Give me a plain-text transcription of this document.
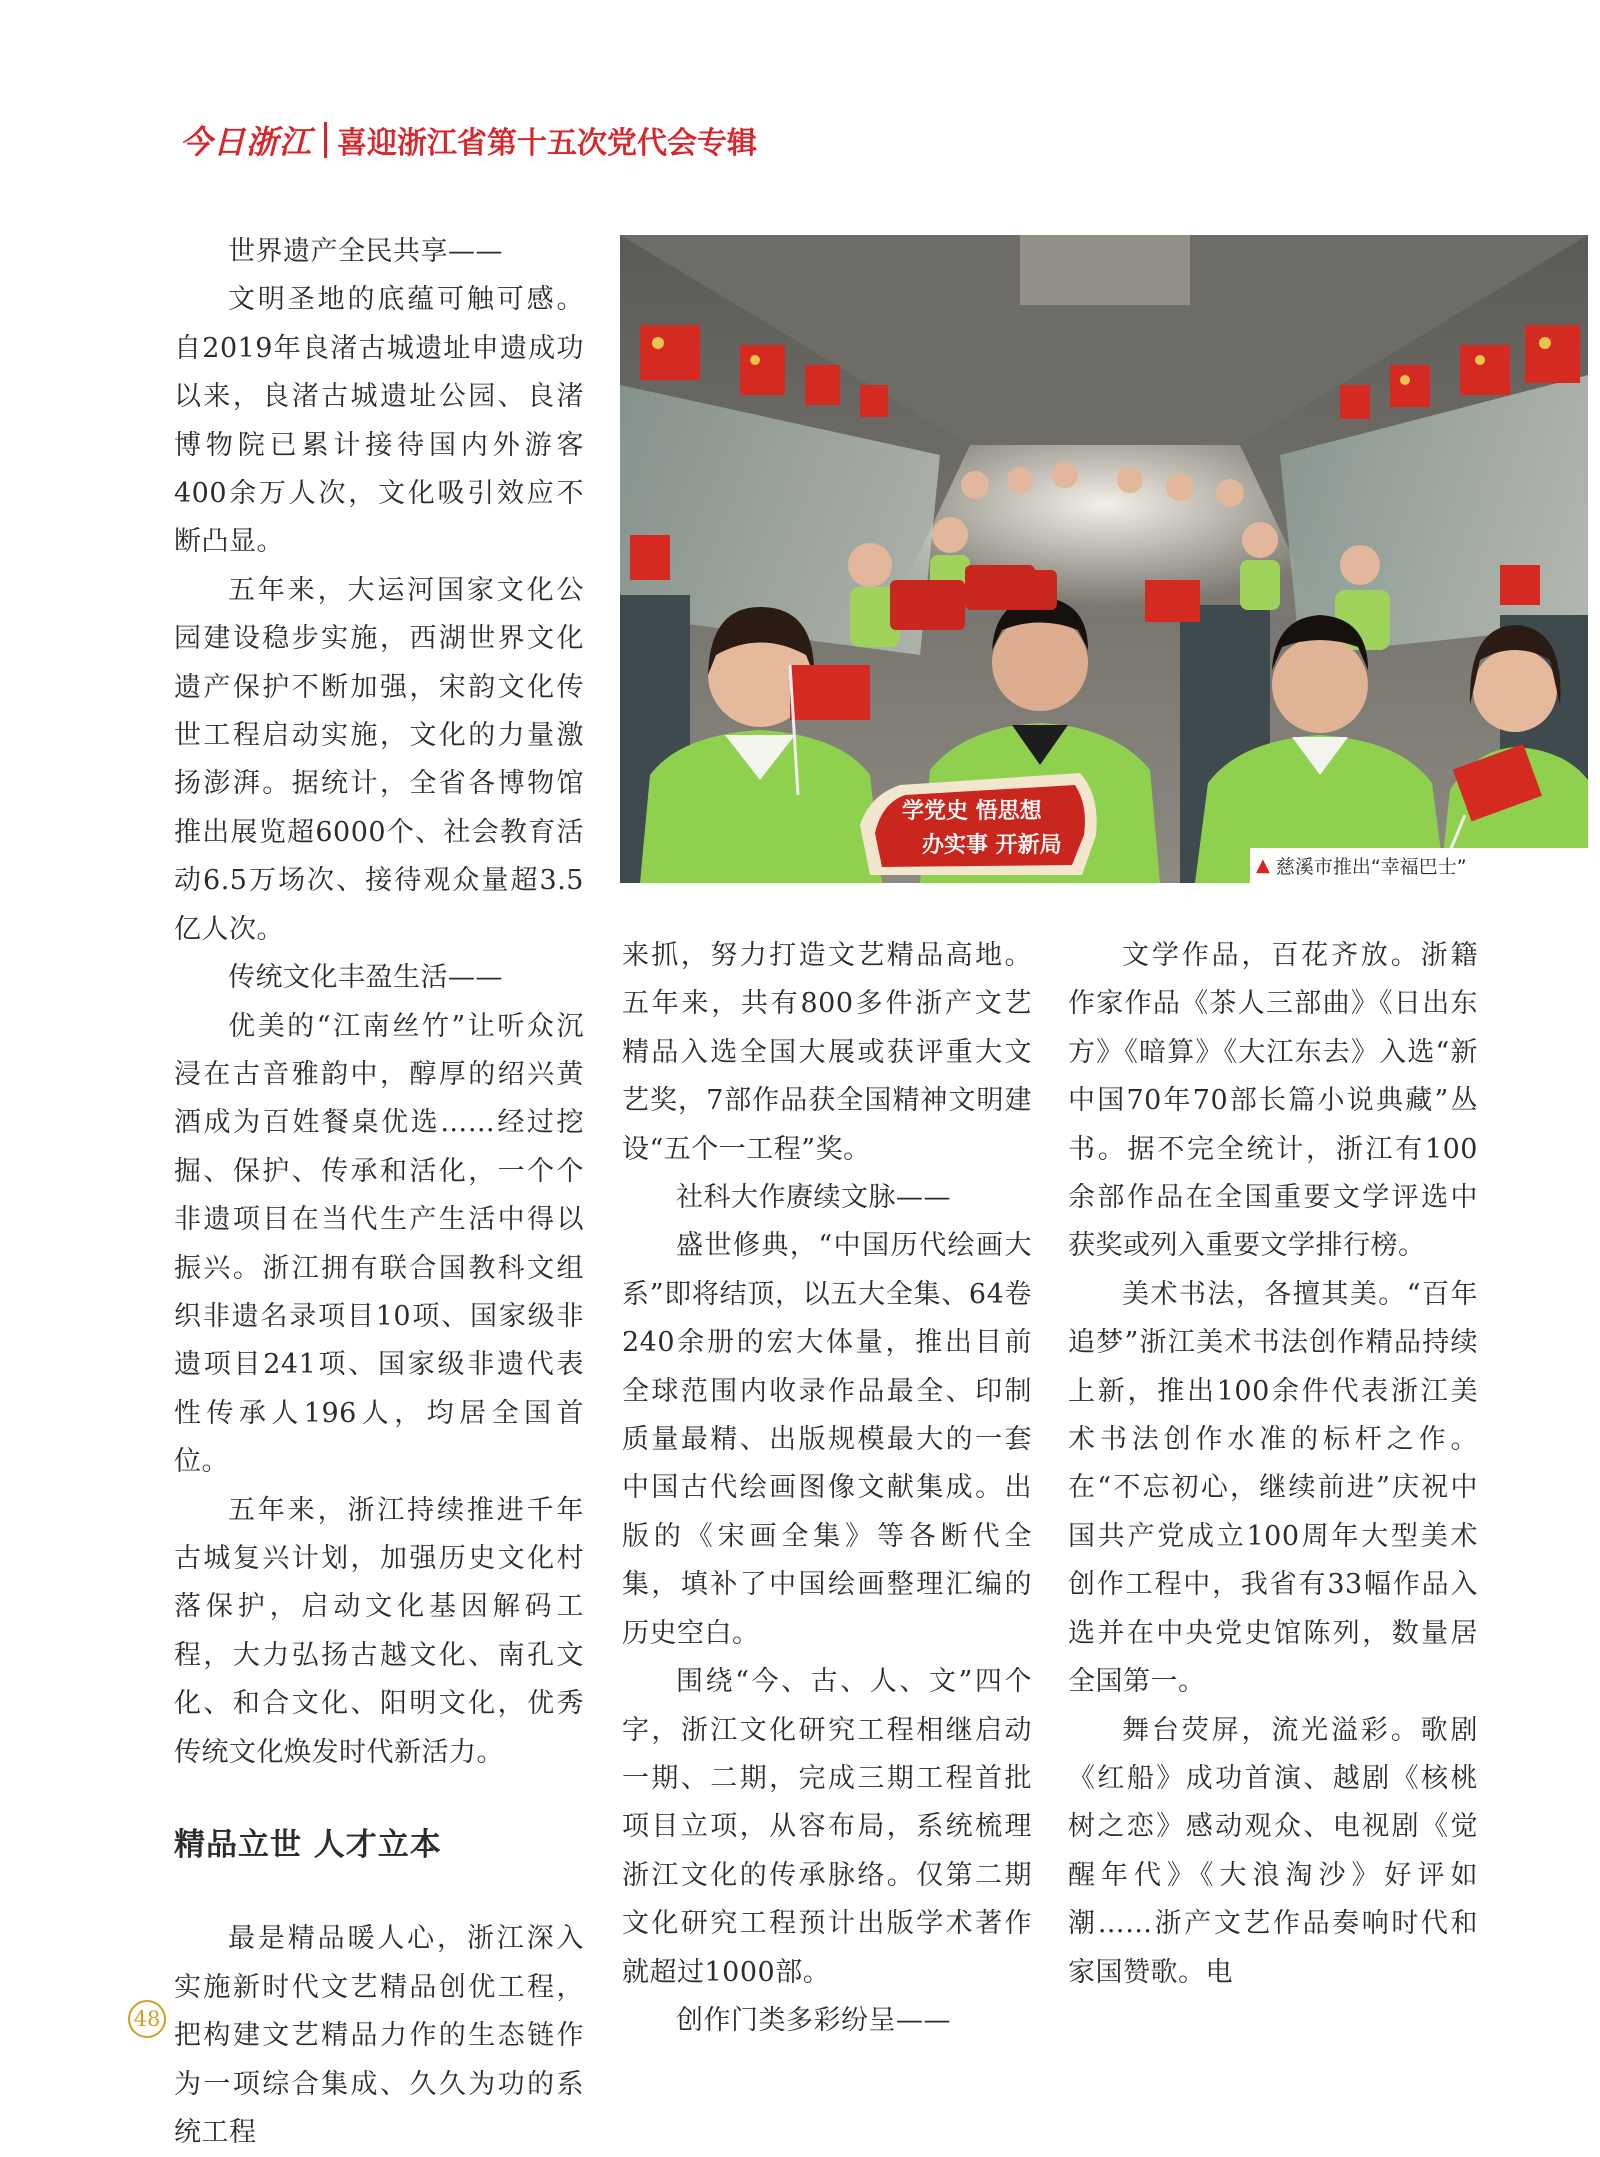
今日浙江 喜迎浙江省第十五次党代会专辑

世界遗产全民共享——

文明圣地的底蕴可触可感。自2019年良渚古城遗址申遗成功以来，良渚古城遗址公园、良渚博物院已累计接待国内外游客400余万人次，文化吸引效应不断凸显。

五年来，大运河国家文化公园建设稳步实施，西湖世界文化遗产保护不断加强，宋韵文化传世工程启动实施，文化的力量激扬澎湃。据统计，全省各博物馆推出展览超6000个、社会教育活动6.5万场次、接待观众量超3.5亿人次。

传统文化丰盈生活——

优美的“江南丝竹”让听众沉浸在古音雅韵中，醇厚的绍兴黄酒成为百姓餐桌优选……经过挖掘、保护、传承和活化，一个个非遗项目在当代生产生活中得以振兴。浙江拥有联合国教科文组织非遗名录项目10项、国家级非遗项目241项、国家级非遗代表性传承人196人，均居全国首位。

五年来，浙江持续推进千年古城复兴计划，加强历史文化村落保护，启动文化基因解码工程，大力弘扬古越文化、南孔文化、和合文化、阳明文化，优秀传统文化焕发时代新活力。

精品立世 人才立本

最是精品暖人心，浙江深入实施新时代文艺精品创优工程，把构建文艺精品力作的生态链作为一项综合集成、久久为功的系统工程

学党史 悟思想
办实事 开新局
▲ 慈溪市推出“幸福巴士”

来抓，努力打造文艺精品高地。五年来，共有800多件浙产文艺精品入选全国大展或获评重大文艺奖，7部作品获全国精神文明建设“五个一工程”奖。

社科大作赓续文脉——

盛世修典，“中国历代绘画大系”即将结顶，以五大全集、64卷240余册的宏大体量，推出目前全球范围内收录作品最全、印制质量最精、出版规模最大的一套中国古代绘画图像文献集成。出版的《宋画全集》等各断代全集，填补了中国绘画整理汇编的历史空白。

围绕“今、古、人、文”四个字，浙江文化研究工程相继启动一期、二期，完成三期工程首批项目立项，从容布局，系统梳理浙江文化的传承脉络。仅第二期文化研究工程预计出版学术著作就超过1000部。

创作门类多彩纷呈——

文学作品，百花齐放。浙籍作家作品《茶人三部曲》《日出东方》《暗算》《大江东去》入选“新中国70年70部长篇小说典藏”丛书。据不完全统计，浙江有100余部作品在全国重要文学评选中获奖或列入重要文学排行榜。

美术书法，各擅其美。“百年追梦”浙江美术书法创作精品持续上新，推出100余件代表浙江美术书法创作水准的标杆之作。在“不忘初心，继续前进”庆祝中国共产党成立100周年大型美术创作工程中，我省有33幅作品入选并在中央党史馆陈列，数量居全国第一。

舞台荧屏，流光溢彩。歌剧《红船》成功首演、越剧《核桃树之恋》感动观众、电视剧《觉醒年代》《大浪淘沙》好评如潮……浙产文艺作品奏响时代和家国赞歌。电

48
